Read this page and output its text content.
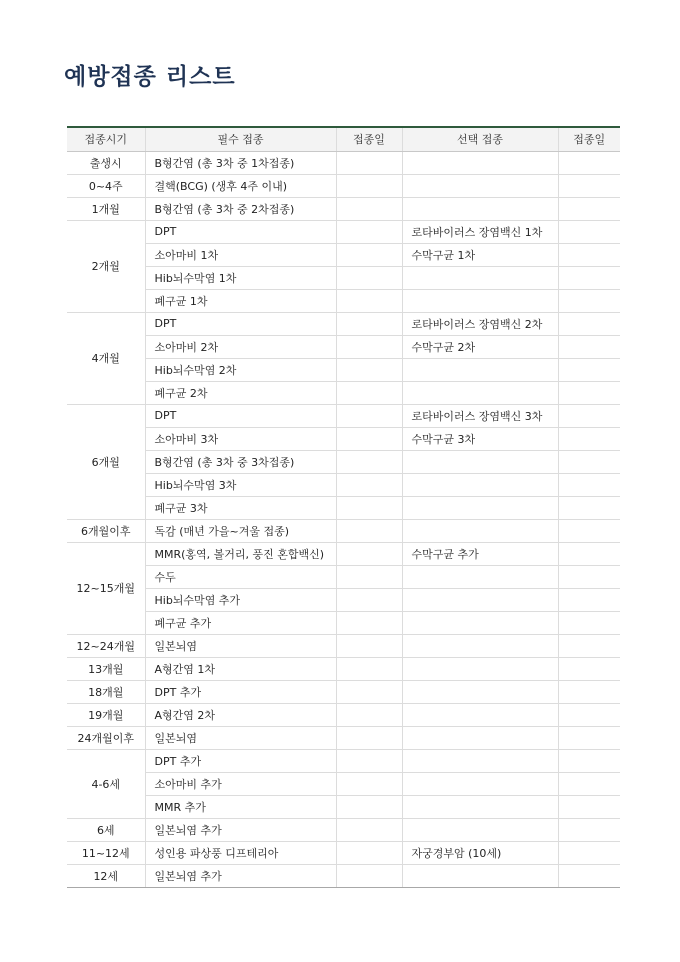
예방접종 리스트
접종시기	필수 접종	접종일	선택 접종	접종일
출생시	B형간염 (총 3차 중 1차접종)			
0~4주	결핵(BCG) (생후 4주 이내)			
1개월	B형간염 (총 3차 중 2차접종)			
2개월	DPT		로타바이러스 장염백신 1차	
	소아마비 1차		수막구균 1차	
	Hib뇌수막염 1차			
	폐구균 1차			
4개월	DPT		로타바이러스 장염백신 2차	
	소아마비 2차		수막구균 2차	
	Hib뇌수막염 2차			
	폐구균 2차			
6개월	DPT		로타바이러스 장염백신 3차	
	소아마비 3차		수막구균 3차	
	B형간염 (총 3차 중 3차접종)			
	Hib뇌수막염 3차			
	폐구균 3차			
6개월이후	독감 (매년 가을~겨울 접종)			
12~15개월	MMR(홍역, 볼거리, 풍진 혼합백신)		수막구균 추가	
	수두			
	Hib뇌수막염 추가			
	폐구균 추가			
12~24개월	일본뇌염			
13개월	A형간염 1차			
18개월	DPT 추가			
19개월	A형간염 2차			
24개월이후	일본뇌염			
4-6세	DPT 추가			
	소아마비 추가			
	MMR 추가			
6세	일본뇌염 추가			
11~12세	성인용 파상풍 디프테리아		자궁경부암 (10세)	
12세	일본뇌염 추가			
